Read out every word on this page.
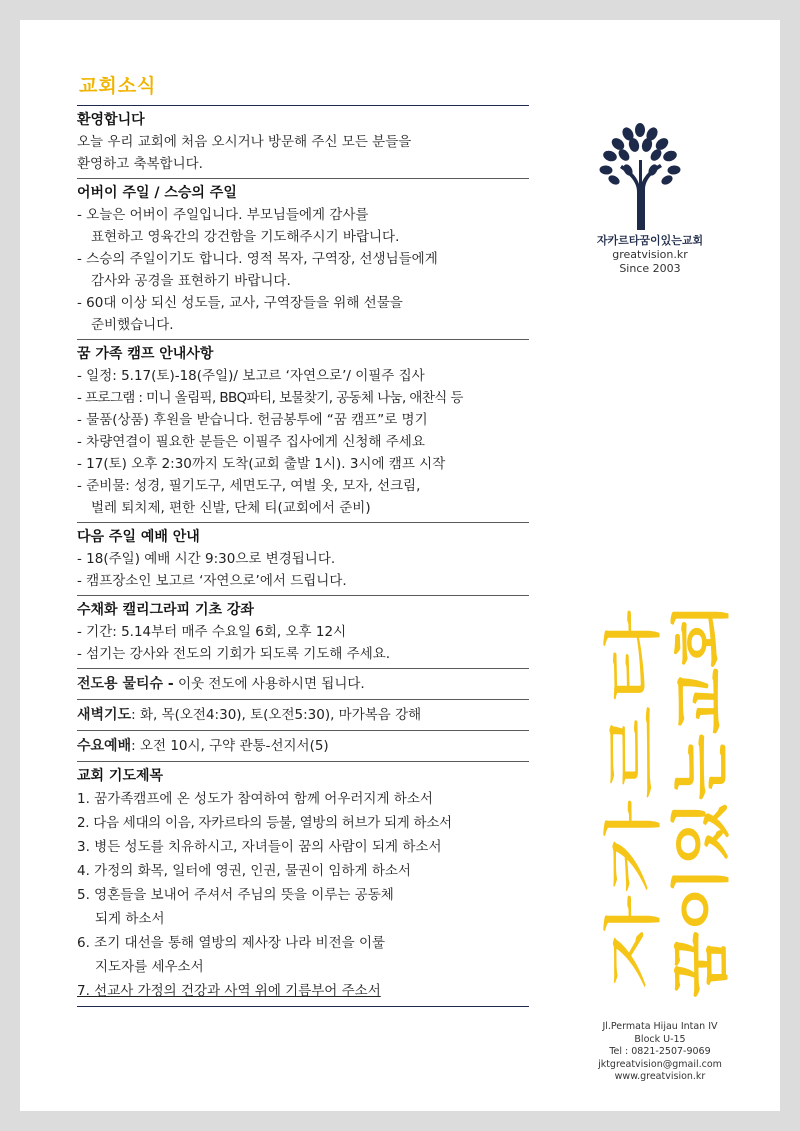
교회소식
환영합니다
오늘 우리 교회에 처음 오시거나 방문해 주신 모든 분들을
환영하고 축복합니다.
어버이 주일 / 스승의 주일
- 오늘은 어버이 주일입니다. 부모님들에게 감사를
표현하고 영육간의 강건함을 기도해주시기 바랍니다.
- 스승의 주일이기도 합니다. 영적 목자, 구역장, 선생님들에게
감사와 공경을 표현하기 바랍니다.
- 60대 이상 되신 성도들, 교사, 구역장들을 위해 선물을
준비했습니다.
꿈 가족 캠프 안내사항
- 일정: 5.17(토)-18(주일)/ 보고르 ‘자연으로’/ 이필주 집사
- 프로그램 : 미니 올림픽, BBQ파티, 보물찾기, 공동체 나눔, 애찬식 등
- 물품(상품) 후원을 받습니다. 헌금봉투에 “꿈 캠프”로 명기
- 차량연결이 필요한 분들은 이필주 집사에게 신청해 주세요
- 17(토) 오후 2:30까지 도착(교회 출발 1시). 3시에 캠프 시작
- 준비물: 성경, 필기도구, 세면도구, 여벌 옷, 모자, 선크림,
벌레 퇴치제, 편한 신발, 단체 티(교회에서 준비)
다음 주일 예배 안내
- 18(주일) 예배 시간 9:30으로 변경됩니다.
- 캠프장소인 보고르 ‘자연으로’에서 드립니다.
수채화 캘리그라피 기초 강좌
- 기간: 5.14부터 매주 수요일 6회, 오후 12시
- 섬기는 강사와 전도의 기회가 되도록 기도해 주세요.
전도용 물티슈 - 이웃 전도에 사용하시면 됩니다.
새벽기도: 화, 목(오전4:30), 토(오전5:30), 마가복음 강해
수요예배: 오전 10시, 구약 관통-선지서(5)
교회 기도제목
1. 꿈가족캠프에 온 성도가 참여하여 함께 어우러지게 하소서
2. 다음 세대의 이음, 자카르타의 등불, 열방의 허브가 되게 하소서
3. 병든 성도를 치유하시고, 자녀들이 꿈의 사람이 되게 하소서
4. 가정의 화목, 일터에 영권, 인권, 물권이 임하게 하소서
5. 영혼들을 보내어 주셔서 주님의 뜻을 이루는 공동체
되게 하소서
6. 조기 대선을 통해 열방의 제사장 나라 비전을 이룰
지도자를 세우소서
7. 선교사 가정의 건강과 사역 위에 기름부어 주소서
자카르타꿈이있는교회
greatvision.kr
Since 2003
자카르타 꿈이있는교회
Jl.Permata Hijau Intan IV
Block U-15
Tel : 0821-2507-9069
jktgreatvision@gmail.com
www.greatvision.kr
